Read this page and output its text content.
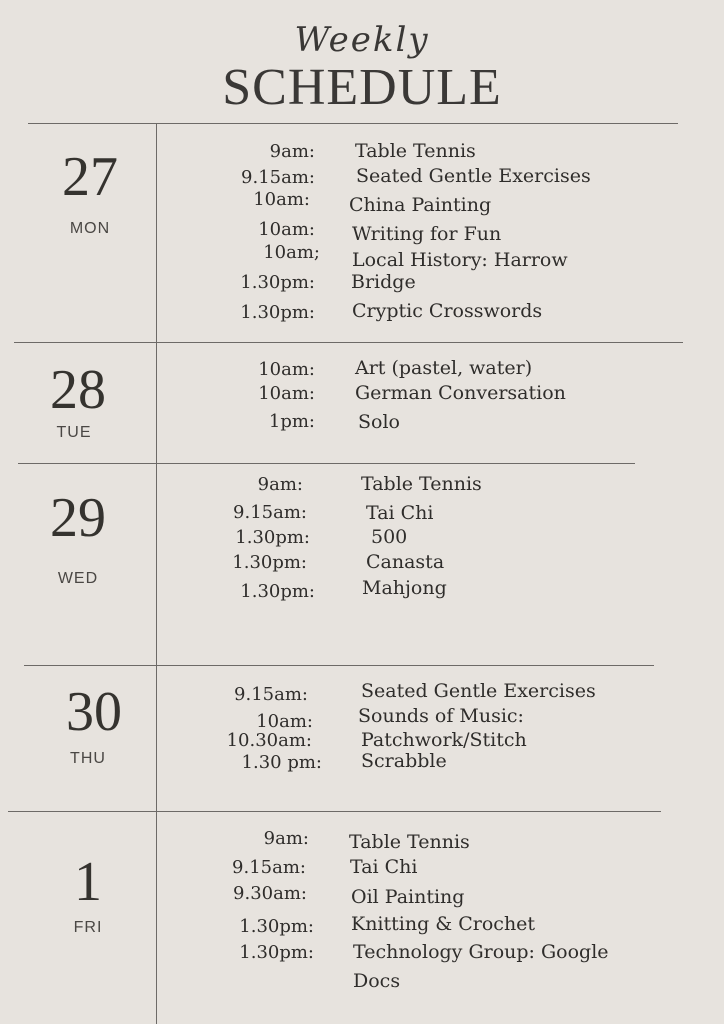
Weekly
SCHEDULE
27
MON
9am: Table Tennis
9.15am: Seated Gentle Exercises
10am: China Painting
10am: Writing for Fun
10am; Local History: Harrow
1.30pm: Bridge
1.30pm: Cryptic Crosswords
28
TUE
10am: Art (pastel, water)
10am: German Conversation
1pm: Solo
29
WED
9am:	Table Tennis
9.15am:	Tai Chi
1.30pm:	500
1.30pm:	Canasta
1.30pm: Mahjong
30
THU
9.15am:	Seated Gentle Exercises
10am: Sounds of Music:
10.30am:	Patchwork/Stitch
1.30 pm: Scrabble
1
FRI
9am: Table Tennis
9.15am: Tai Chi
9.30am: Oil Painting
1.30pm: Knitting & Crochet
1.30pm: Technology Group: Google
Docs
